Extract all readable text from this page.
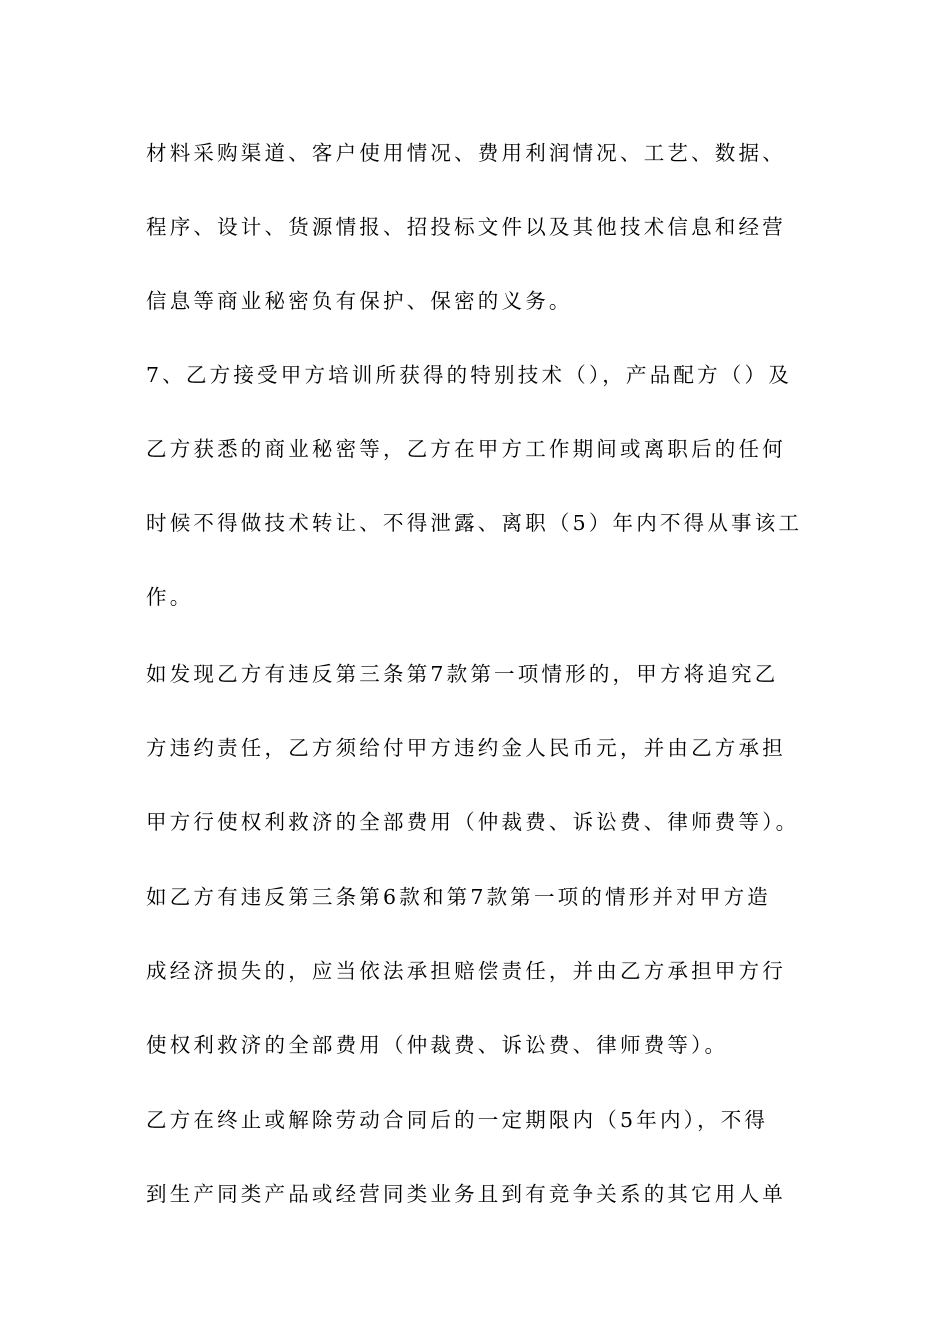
材料采购渠道、客户使用情况、费用利润情况、工艺、数据、
程序、设计、货源情报、招投标文件以及其他技术信息和经营
信息等商业秘密负有保护、保密的义务。
7、乙方接受甲方培训所获得的特别技术（），产品配方（）及
乙方获悉的商业秘密等，乙方在甲方工作期间或离职后的任何
时候不得做技术转让、不得泄露、离职（5）年内不得从事该工
作。
如发现乙方有违反第三条第7款第一项情形的，甲方将追究乙
方违约责任，乙方须给付甲方违约金人民币元，并由乙方承担
甲方行使权利救济的全部费用（仲裁费、诉讼费、律师费等）。
如乙方有违反第三条第6款和第7款第一项的情形并对甲方造
成经济损失的，应当依法承担赔偿责任，并由乙方承担甲方行
使权利救济的全部费用（仲裁费、诉讼费、律师费等）。
乙方在终止或解除劳动合同后的一定期限内（5年内），不得
到生产同类产品或经营同类业务且到有竞争关系的其它用人单
